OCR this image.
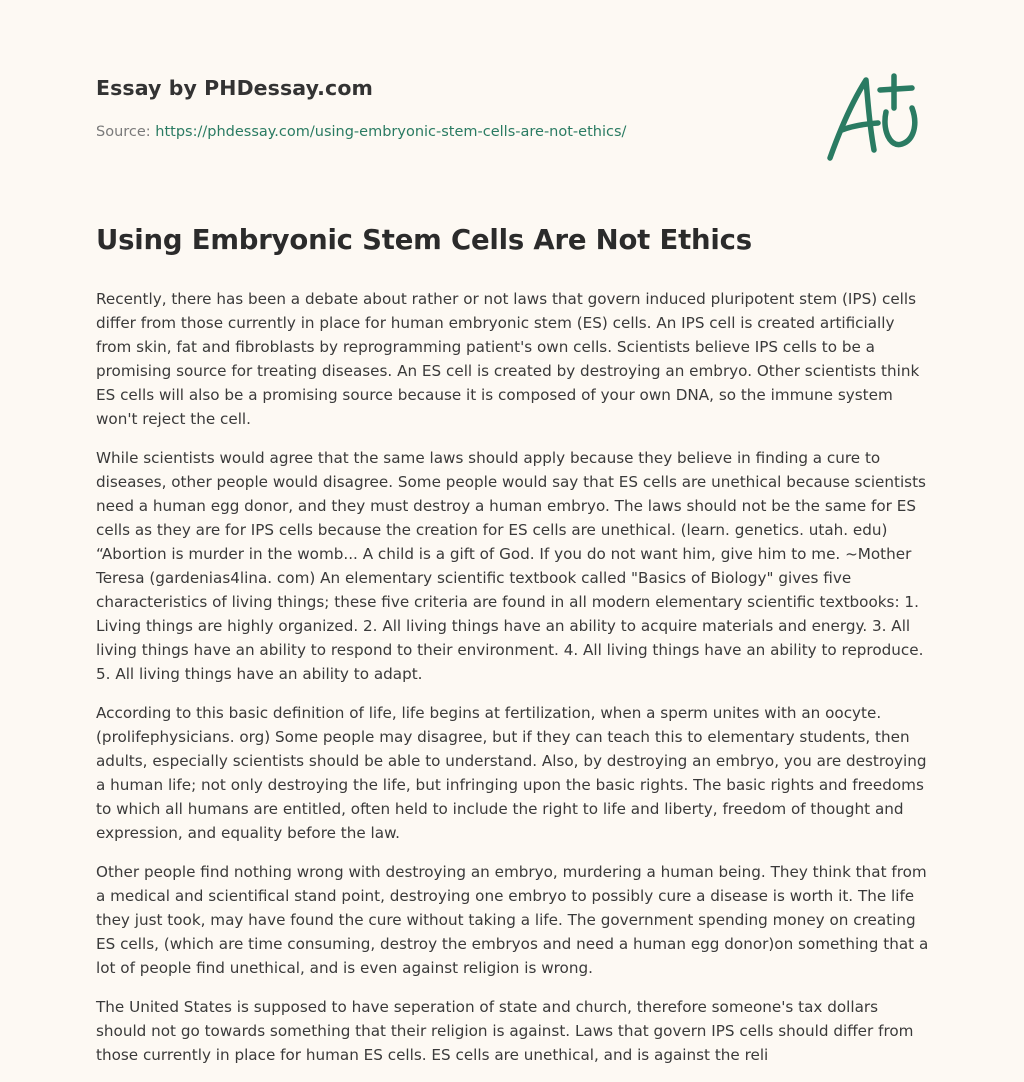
Essay by PHDessay.com

Source: https://phdessay.com/using-embryonic-stem-cells-are-not-ethics/

Using Embryonic Stem Cells Are Not Ethics

Recently, there has been a debate about rather or not laws that govern induced pluripotent stem (IPS) cells differ from those currently in place for human embryonic stem (ES) cells. An IPS cell is created artificially from skin, fat and fibroblasts by reprogramming patient's own cells. Scientists believe IPS cells to be a promising source for treating diseases. An ES cell is created by destroying an embryo. Other scientists think ES cells will also be a promising source because it is composed of your own DNA, so the immune system won't reject the cell.

While scientists would agree that the same laws should apply because they believe in finding a cure to diseases, other people would disagree. Some people would say that ES cells are unethical because scientists need a human egg donor, and they must destroy a human embryo. The laws should not be the same for ES cells as they are for IPS cells because the creation for ES cells are unethical. (learn. genetics. utah. edu) “Abortion is murder in the womb... A child is a gift of God. If you do not want him, give him to me. ~Mother Teresa (gardenias4lina. com) An elementary scientific textbook called "Basics of Biology" gives five characteristics of living things; these five criteria are found in all modern elementary scientific textbooks: 1. Living things are highly organized. 2. All living things have an ability to acquire materials and energy. 3. All living things have an ability to respond to their environment. 4. All living things have an ability to reproduce. 5. All living things have an ability to adapt.

According to this basic definition of life, life begins at fertilization, when a sperm unites with an oocyte. (prolifephysicians. org) Some people may disagree, but if they can teach this to elementary students, then adults, especially scientists should be able to understand. Also, by destroying an embryo, you are destroying a human life; not only destroying the life, but infringing upon the basic rights. The basic rights and freedoms to which all humans are entitled, often held to include the right to life and liberty, freedom of thought and expression, and equality before the law.

Other people find nothing wrong with destroying an embryo, murdering a human being. They think that from a medical and scientifical stand point, destroying one embryo to possibly cure a disease is worth it. The life they just took, may have found the cure without taking a life. The government spending money on creating ES cells, (which are time consuming, destroy the embryos and need a human egg donor)on something that a lot of people find unethical, and is even against religion is wrong.

The United States is supposed to have seperation of state and church, therefore someone's tax dollars should not go towards something that their religion is against. Laws that govern IPS cells should differ from those currently in place for human ES cells. ES cells are unethical, and is against the reli
